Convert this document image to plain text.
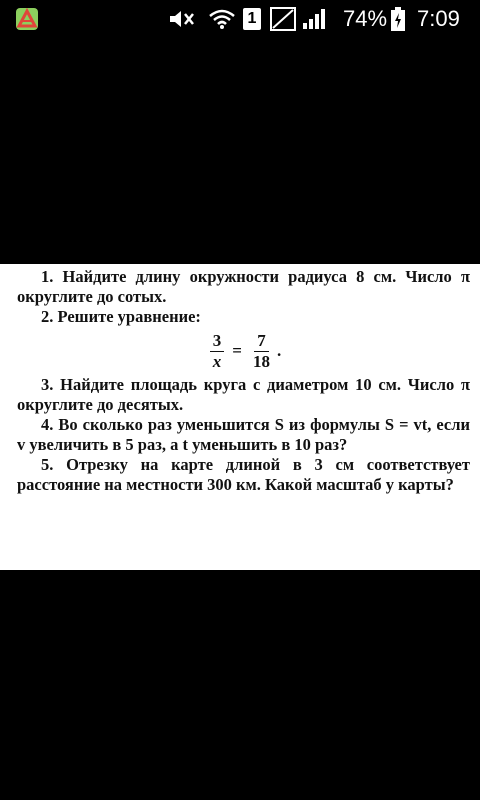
1	74% 7:09

1. Найдите длину окружности радиуса 8 см. Число π округлите до сотых.

2. Решите уравнение:

$\frac{3}{x} = \frac{7}{18}$ .

3. Найдите площадь круга с диаметром 10 см. Число π округлите до десятых.

4. Во сколько раз уменьшится S из формулы S = vt, если v увеличить в 5 раз, а t уменьшить в 10 раз?

5. Отрезку на карте длиной в 3 см соответствует расстояние на местности 300 км. Какой масштаб у карты?
